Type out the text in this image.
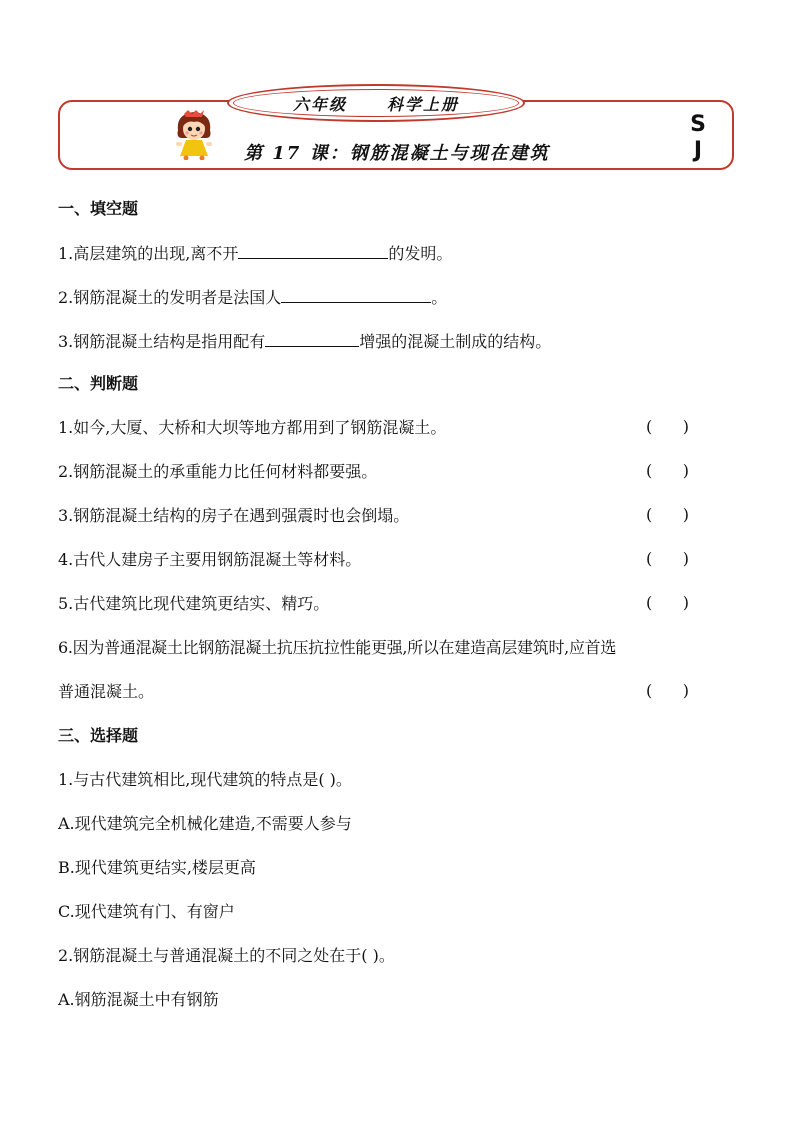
六年级	科学上册
第 17 课：钢筋混凝土与现在建筑
S
J
一、填空题
1.高层建筑的出现,离不开	的发明。
2.钢筋混凝土的发明者是法国人	。
3.钢筋混凝土结构是指用配有	增强的混凝土制成的结构。
二、判断题
1.如今,大厦、大桥和大坝等地方都用到了钢筋混凝土。	(      )
2.钢筋混凝土的承重能力比任何材料都要强。	(      )
3.钢筋混凝土结构的房子在遇到强震时也会倒塌。	(      )
4.古代人建房子主要用钢筋混凝土等材料。	(      )
5.古代建筑比现代建筑更结实、精巧。	(      )
6.因为普通混凝土比钢筋混凝土抗压抗拉性能更强,所以在建造高层建筑时,应首选
普通混凝土。	(      )
三、选择题
1.与古代建筑相比,现代建筑的特点是( )。
A.现代建筑完全机械化建造,不需要人参与
B.现代建筑更结实,楼层更高
C.现代建筑有门、有窗户
2.钢筋混凝土与普通混凝土的不同之处在于( )。
A.钢筋混凝土中有钢筋
